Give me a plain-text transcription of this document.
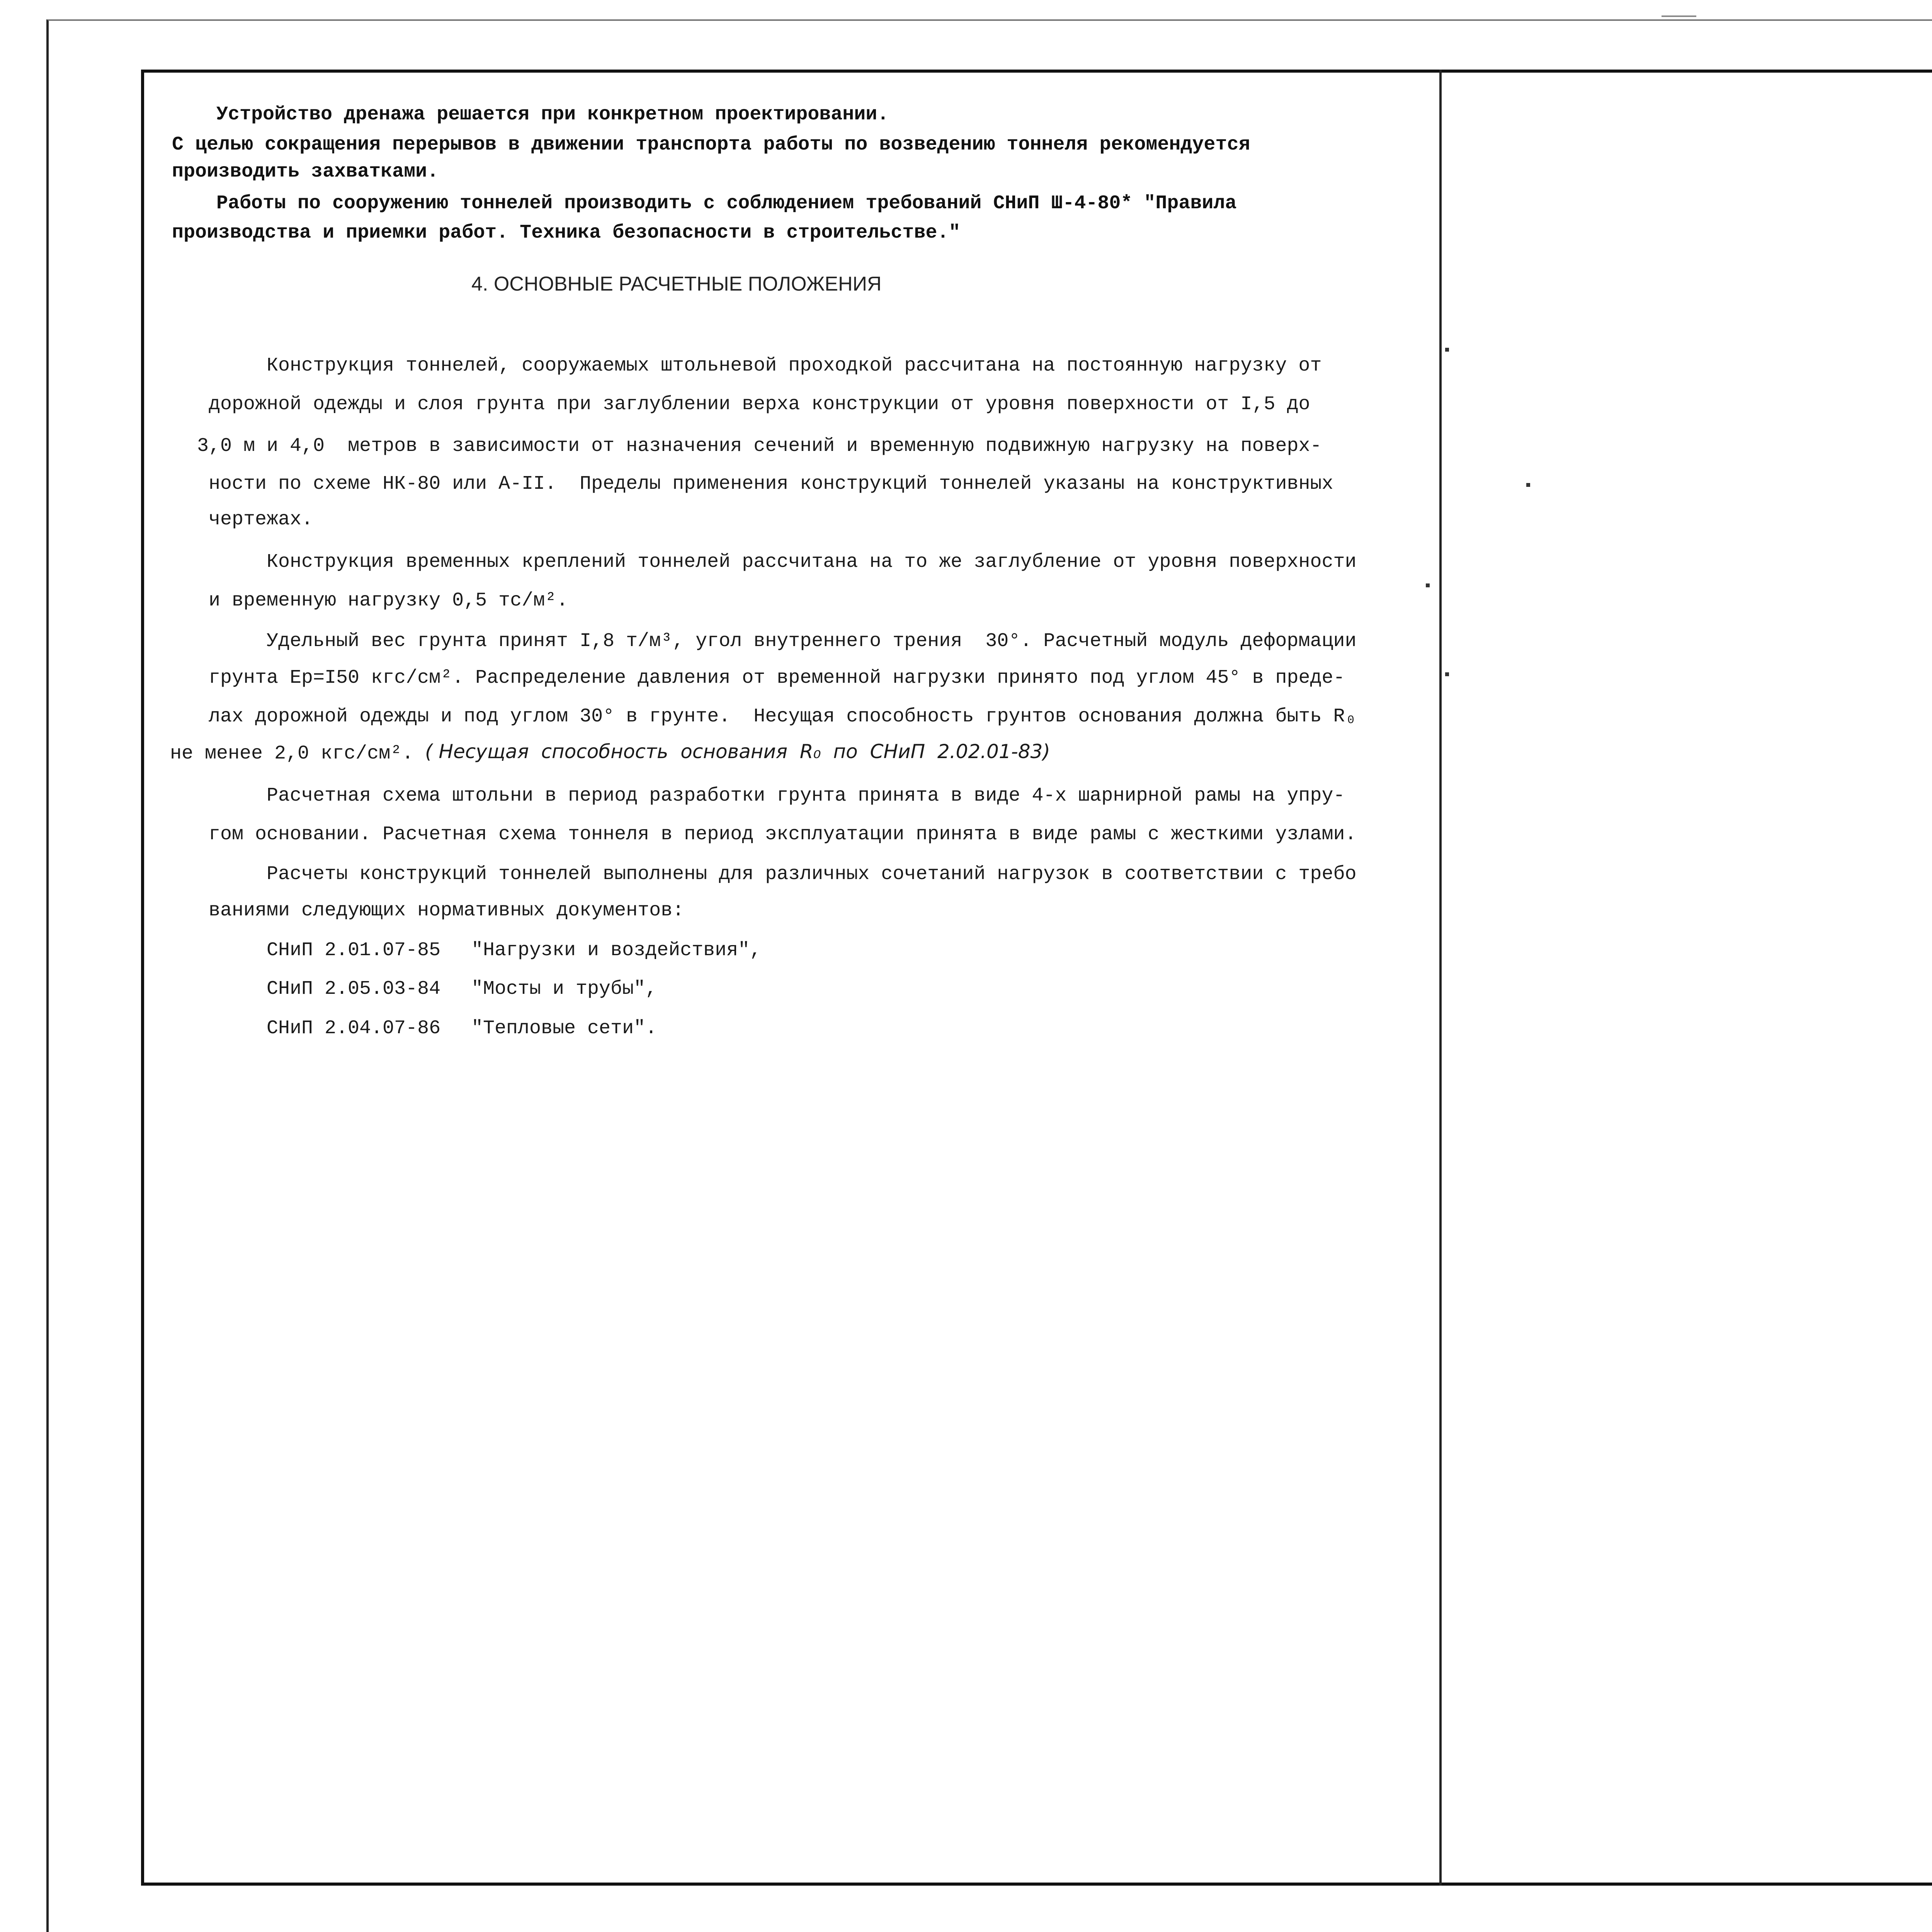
Устройство дренажа решается при конкретном проектировании.
С целью сокращения перерывов в движении транспорта работы по возведению тоннеля рекомендуется
производить захватками.
Работы по сооружению тоннелей производить с соблюдением требований СНиП Ш-4-80* "Правила
производства и приемки работ. Техника безопасности в строительстве."
4. ОСНОВНЫЕ РАСЧЕТНЫЕ ПОЛОЖЕНИЯ
Конструкция тоннелей, сооружаемых штольневой проходкой рассчитана на постоянную нагрузку от
дорожной одежды и слоя грунта при заглублении верха конструкции от уровня поверхности от I,5 до
3,0 м и 4,0  метров в зависимости от назначения сечений и временную подвижную нагрузку на поверх-
ности по схеме НК-80 или А-II.  Пределы применения конструкций тоннелей указаны на конструктивных
чертежах.
Конструкция временных креплений тоннелей рассчитана на то же заглубление от уровня поверхности
и временную нагрузку 0,5 тс/м².
Удельный вес грунта принят I,8 т/м³, угол внутреннего трения  30°. Расчетный модуль деформации
грунта Ер=I50 кгс/см². Распределение давления от временной нагрузки принято под углом 45° в преде-
лах дорожной одежды и под углом 30° в грунте.  Несущая способность грунтов основания должна быть R₀
не менее 2,0 кгс/см². ( Несущая  способность  основания  R₀  по  СНиП  2.02.01-83)
Расчетная схема штольни в период разработки грунта принята в виде 4-х шарнирной рамы на упру-
гом основании. Расчетная схема тоннеля в период эксплуатации принята в виде рамы с жесткими узлами.
Расчеты конструкций тоннелей выполнены для различных сочетаний нагрузок в соответствии с требо
ваниями следующих нормативных документов:
СНиП 2.01.07-85 "Нагрузки и воздействия",
СНиП 2.05.03-84 "Мосты и трубы",
СНиП 2.04.07-86 "Тепловые сети".
